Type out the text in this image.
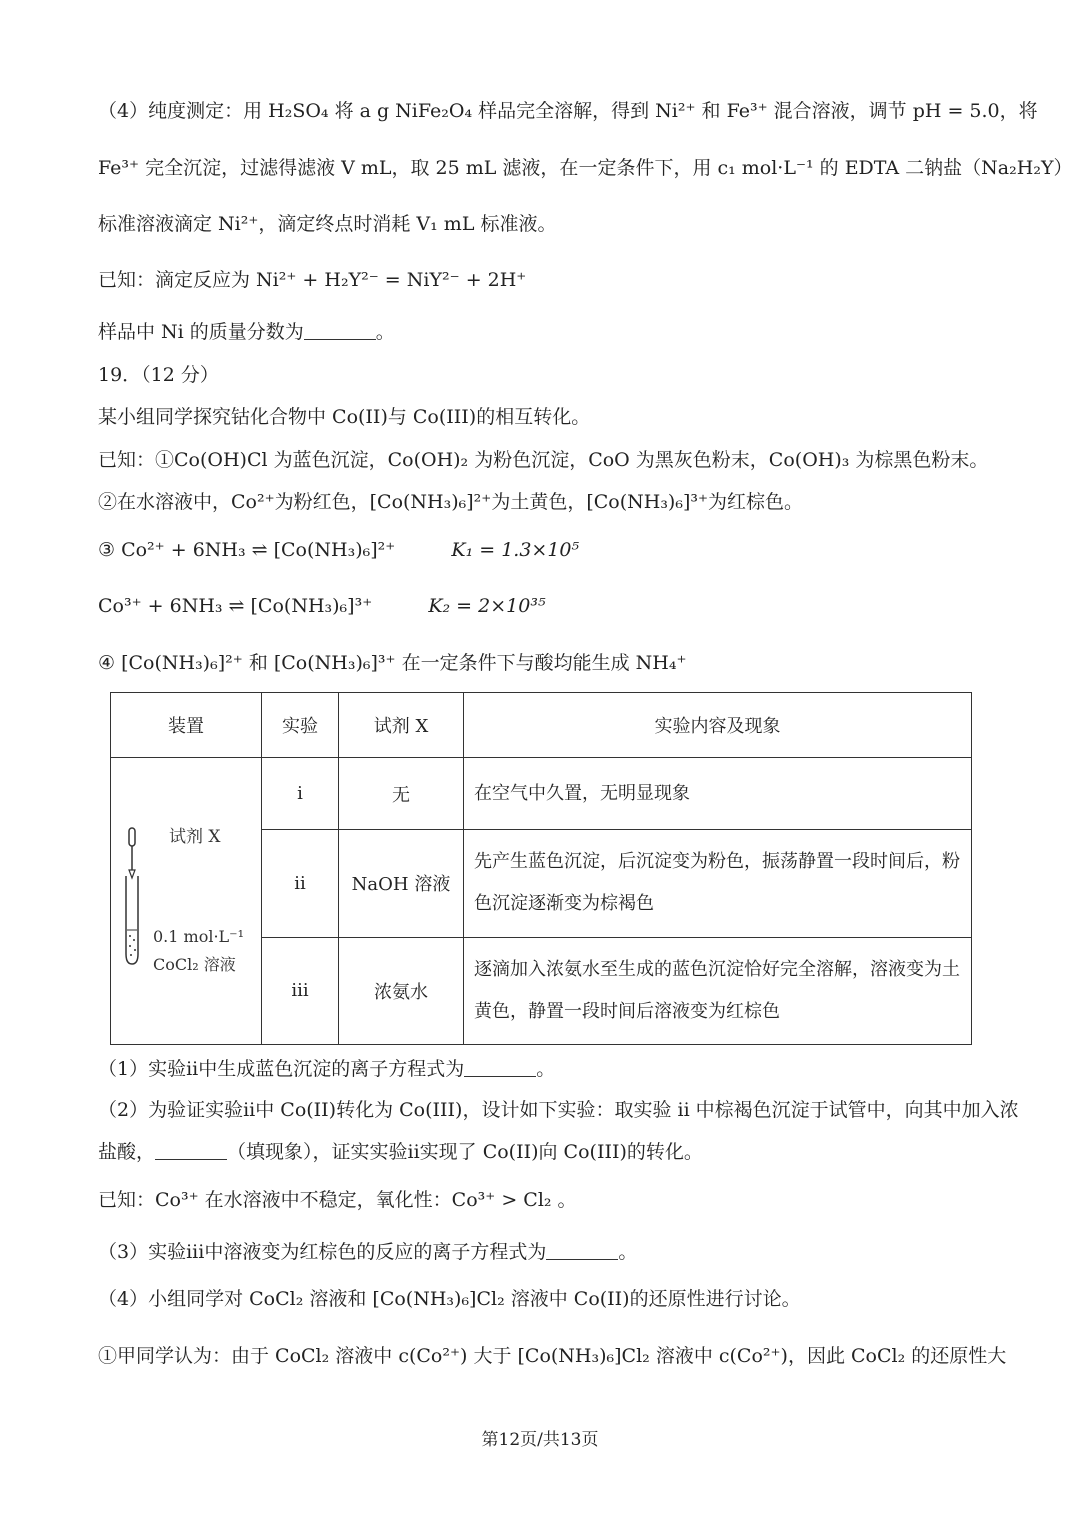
（4）纯度测定：用 H₂SO₄ 将 a g NiFe₂O₄ 样品完全溶解，得到 Ni²⁺ 和 Fe³⁺ 混合溶液，调节 pH = 5.0，将
Fe³⁺ 完全沉淀，过滤得滤液 V mL，取 25 mL 滤液，在一定条件下，用 c₁ mol·L⁻¹ 的 EDTA 二钠盐（Na₂H₂Y）
标准溶液滴定 Ni²⁺，滴定终点时消耗 V₁ mL 标准液。
已知：滴定反应为 Ni²⁺ + H₂Y²⁻ = NiY²⁻ + 2H⁺
样品中 Ni 的质量分数为	。
19．（12 分）
某小组同学探究钴化合物中 Co(II)与 Co(III)的相互转化。
已知：①Co(OH)Cl 为蓝色沉淀，Co(OH)₂ 为粉色沉淀，CoO 为黑灰色粉末，Co(OH)₃ 为棕黑色粉末。
②在水溶液中，Co²⁺为粉红色，[Co(NH₃)₆]²⁺为土黄色，[Co(NH₃)₆]³⁺为红棕色。
③ Co²⁺ + 6NH₃ ⇌ [Co(NH₃)₆]²⁺	K₁ = 1.3×10⁵
Co³⁺ + 6NH₃ ⇌ [Co(NH₃)₆]³⁺	K₂ = 2×10³⁵
④ [Co(NH₃)₆]²⁺ 和 [Co(NH₃)₆]³⁺ 在一定条件下与酸均能生成 NH₄⁺
装置	实验	试剂 X	实验内容及现象

试剂 X
0.1 mol·L⁻¹
CoCl₂ 溶液	i	无	在空气中久置，无明显现象
	ii	NaOH 溶液	先产生蓝色沉淀，后沉淀变为粉色，振荡静置一段时间后，粉色沉淀逐渐变为棕褐色
	iii	浓氨水	逐滴加入浓氨水至生成的蓝色沉淀恰好完全溶解，溶液变为土黄色，静置一段时间后溶液变为红棕色
（1）实验ii中生成蓝色沉淀的离子方程式为	。
（2）为验证实验ii中 Co(II)转化为 Co(III)，设计如下实验：取实验 ii 中棕褐色沉淀于试管中，向其中加入浓
盐酸，	（填现象），证实实验ii实现了 Co(II)向 Co(III)的转化。
已知：Co³⁺ 在水溶液中不稳定，氧化性：Co³⁺ > Cl₂ 。
（3）实验iii中溶液变为红棕色的反应的离子方程式为	。
（4）小组同学对 CoCl₂ 溶液和 [Co(NH₃)₆]Cl₂ 溶液中 Co(II)的还原性进行讨论。
①甲同学认为：由于 CoCl₂ 溶液中 c(Co²⁺) 大于 [Co(NH₃)₆]Cl₂ 溶液中 c(Co²⁺)，因此 CoCl₂ 的还原性大
第12页/共13页
